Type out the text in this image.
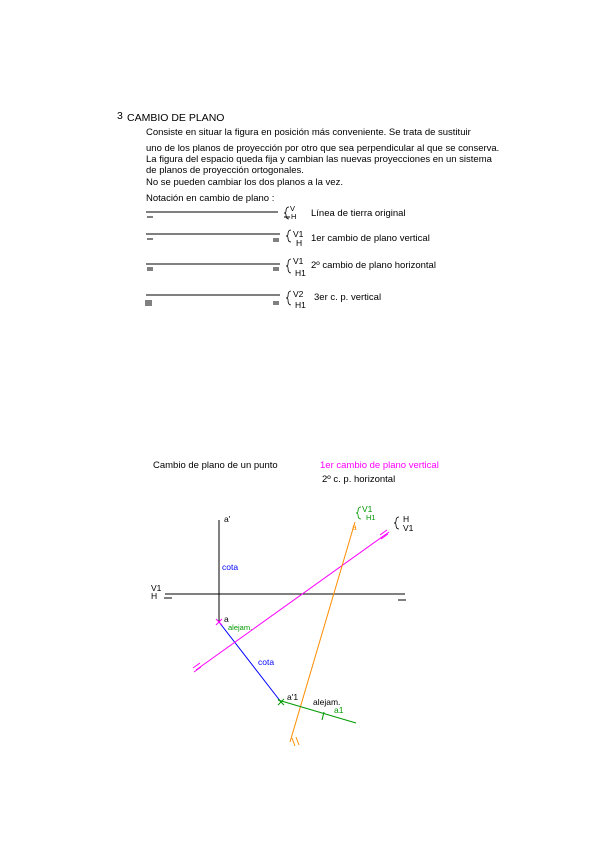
3 CAMBIO DE PLANO
Consiste en situar la figura en posición más conveniente. Se trata de sustituir
uno de los planos de proyección por otro que sea perpendicular al que se conserva.
La figura del espacio queda fija y cambian las nuevas proyecciones en un sistema
de planos de proyección ortogonales.
No se pueden cambiar los dos planos a la vez.
Notación en cambio de plano :
V
H Línea de tierra original
V1
H 1er cambio de plano vertical
V1
H1
2º cambio de plano horizontal
V2
H1
3er c. p. vertical
Cambio de plano de un punto	1er cambio de plano vertical
2º c. p. horizontal
a'
cota
V1
H
a
alejam.
cota
a'1 alejam.
a1
a
V1
H1	H
V1
